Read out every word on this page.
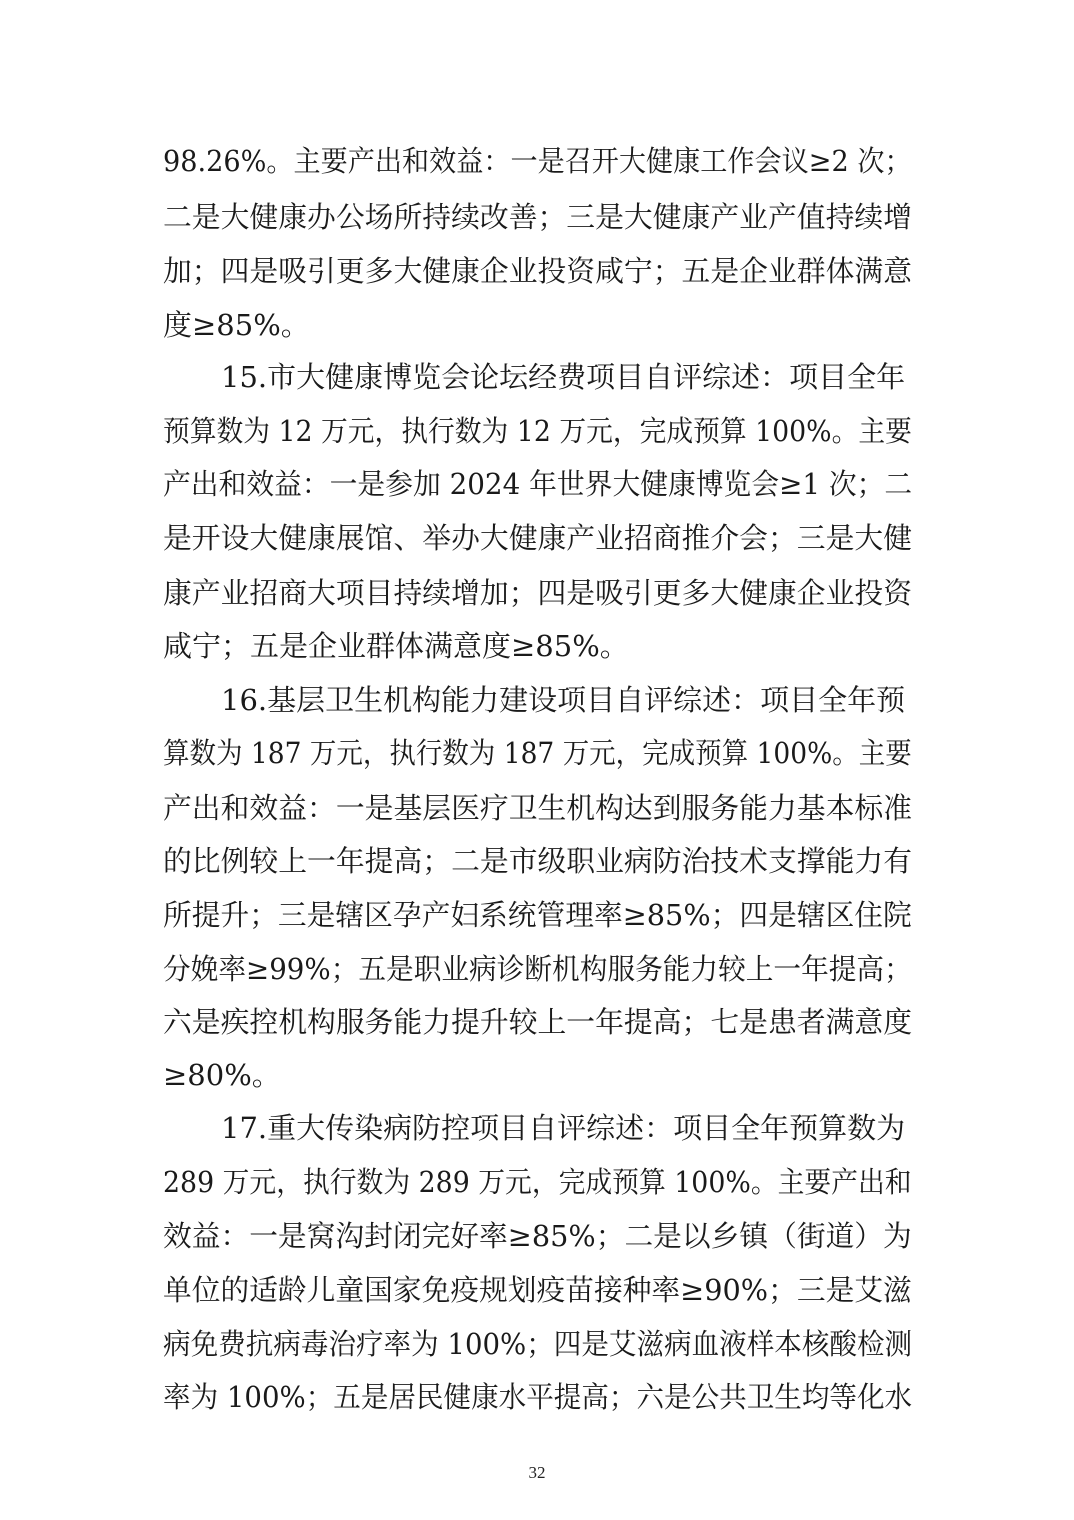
98.26%。主要产出和效益：一是召开大健康工作会议≥2 次；
二是大健康办公场所持续改善；三是大健康产业产值持续增
加；四是吸引更多大健康企业投资咸宁；五是企业群体满意
度≥85%。
15.市大健康博览会论坛经费项目自评综述：项目全年
预算数为 12 万元，执行数为 12 万元，完成预算 100%。主要
产出和效益：一是参加 2024 年世界大健康博览会≥1 次；二
是开设大健康展馆、举办大健康产业招商推介会；三是大健
康产业招商大项目持续增加；四是吸引更多大健康企业投资
咸宁；五是企业群体满意度≥85%。
16.基层卫生机构能力建设项目自评综述：项目全年预
算数为 187 万元，执行数为 187 万元，完成预算 100%。主要
产出和效益：一是基层医疗卫生机构达到服务能力基本标准
的比例较上一年提高；二是市级职业病防治技术支撑能力有
所提升；三是辖区孕产妇系统管理率≥85%；四是辖区住院
分娩率≥99%；五是职业病诊断机构服务能力较上一年提高；
六是疾控机构服务能力提升较上一年提高；七是患者满意度
≥80%。
17.重大传染病防控项目自评综述：项目全年预算数为
289 万元，执行数为 289 万元，完成预算 100%。主要产出和
效益：一是窝沟封闭完好率≥85%；二是以乡镇（街道）为
单位的适龄儿童国家免疫规划疫苗接种率≥90%；三是艾滋
病免费抗病毒治疗率为 100%；四是艾滋病血液样本核酸检测
率为 100%；五是居民健康水平提高；六是公共卫生均等化水
32
